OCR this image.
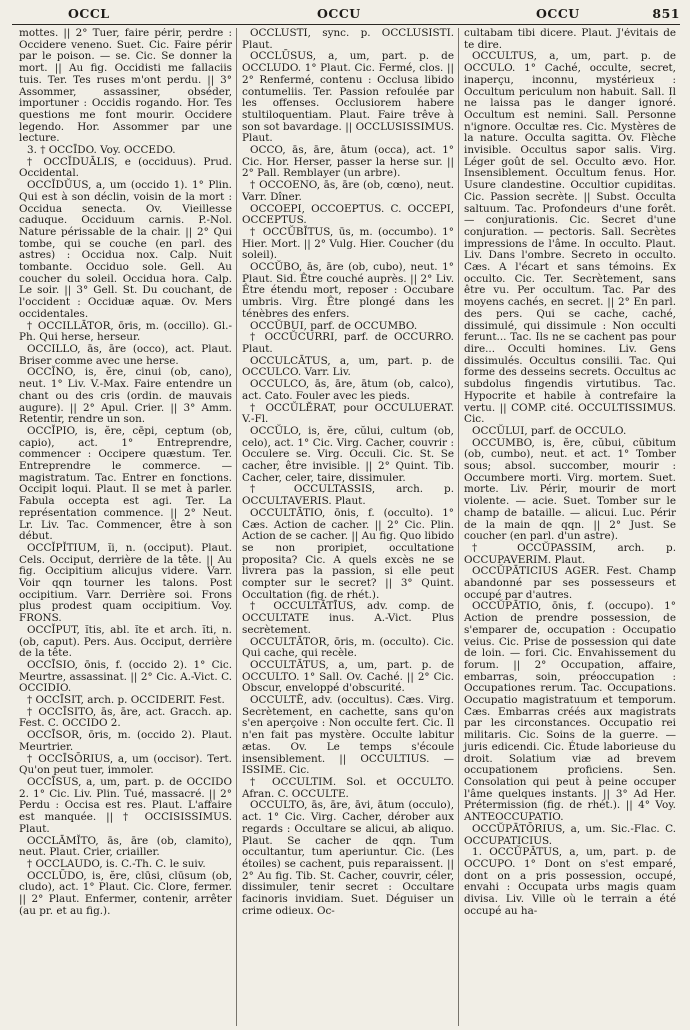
OCCL	OCCU	OCCU	851

mottes. || 2° Tuer, faire périr, perdre : Occidere veneno. Suet. Cic. Faire périr par le poison. — se. Cic. Se donner la mort. || Au fig. Occidisti me fallaciis tuis. Ter. Tes ruses m'ont perdu. || 3° Assommer, assassiner, obséder, importuner : Occidis rogando. Hor. Tes questions me font mourir. Occidere legendo. Hor. Assommer par une lecture.

3. † OCCĪDO. Voy. OCCEDO.

† OCCĬDUĀLIS, e (occiduus). Prud. Occidental.

OCCĬDŬUS, a, um (occido 1). 1° Plin. Qui est à son déclin, voisin de la mort : Occidua senecta. Ov. Vieillesse caduque. Occiduum carnis. P.-Nol. Nature périssable de la chair. || 2° Qui tombe, qui se couche (en parl. des astres) : Occidua nox. Calp. Nuit tombante. Occiduo sole. Gell. Au coucher du soleil. Occidua hora. Calp. Le soir. || 3° Gell. St. Du couchant, de l'occident : Occiduæ aquæ. Ov. Mers occidentales.

† OCCILLĀTOR, ōris, m. (occillo). Gl.-Ph. Qui herse, herseur.

OCCILLO, ās, āre (occo), act. Plaut. Briser comme avec une herse.

OCCĬNO, is, ĕre, cinui (ob, cano), neut. 1° Liv. V.-Max. Faire entendre un chant ou des cris (ordin. de mauvais augure). || 2° Apul. Crier. || 3° Amm. Retentir, rendre un son.

OCCĬPIO, is, ĕre, cēpi, ceptum (ob, capio), act. 1° Entreprendre, commencer : Occipere quæstum. Ter. Entreprendre le commerce. — magistratum. Tac. Entrer en fonctions. Occipit loqui. Plaut. Il se met à parler. Fabula occepta est agi. Ter. La représentation commence. || 2° Neut. Lr. Liv. Tac. Commencer, être à son début.

OCCĬPĬTIUM, ĭi, n. (occiput). Plaut. Cels. Occiput, derrière de la tête. || Au fig. Occipitium alicujus videre. Varr. Voir qqn tourner les talons. Post occipitium. Varr. Derrière soi. Frons plus prodest quam occipitium. Voy. FRONS.

OCCĬPUT, ĭtis, abl. ĭte et arch. ĭti, n. (ob, caput). Pers. Aus. Occiput, derrière de la tête.

OCCĪSIO, ōnis, f. (occido 2). 1° Cic. Meurtre, assassinat. || 2° Cic. A.-Vict. C. OCCIDIO.

† OCCĪSIT, arch. p. OCCIDERIT. Fest.

† OCCĪSITO, ās, āre, act. Gracch. ap. Fest. C. OCCIDO 2.

OCCĪSOR, ōris, m. (occido 2). Plaut. Meurtrier.

† OCCĪSŌRIUS, a, um (occisor). Tert. Qu'on peut tuer, immoler.

OCCĪSUS, a, um, part. p. de OCCIDO 2. 1° Cic. Liv. Plin. Tué, massacré. || 2° Perdu : Occisa est res. Plaut. L'affaire est manquée. || † OCCISISSIMUS. Plaut.

OCCLĀMĬTO, ās, āre (ob, clamito), neut. Plaut. Crier, criailler.

† OCCLAUDO, is. C.-Th. C. le suiv.

OCCLŪDO, is, ĕre, clūsi, clūsum (ob, cludo), act. 1° Plaut. Cic. Clore, fermer. || 2° Plaut. Enfermer, contenir, arrêter (au pr. et au fig.).

OCCLUSTI, sync. p. OCCLUSISTI. Plaut.

OCCLŪSUS, a, um, part. p. de OCCLUDO. 1° Plaut. Cic. Fermé, clos. || 2° Renfermé, contenu : Occlusa libido contumeliis. Ter. Passion refoulée par les offenses. Occlusiorem habere stultiloquentiam. Plaut. Faire trêve à son sot bavardage. || OCCLUSISSIMUS. Plaut.

OCCO, ās, āre, ātum (occa), act. 1° Cic. Hor. Herser, passer la herse sur. || 2° Pall. Remblayer (un arbre).

† OCCOENO, ās, āre (ob, cœno), neut. Varr. Dîner.

OCCOEPI, OCCOEPTUS. C. OCCEPI, OCCEPTUS.

† OCCŬBĬTUS, ūs, m. (occumbo). 1° Hier. Mort. || 2° Vulg. Hier. Coucher (du soleil).

OCCŬBO, ās, āre (ob, cubo), neut. 1° Plaut. Sid. Être couché auprès. || 2° Liv. Être étendu mort, reposer : Occubare umbris. Virg. Être plongé dans les ténèbres des enfers.

OCCŬBUI, parf. de OCCUMBO.

† OCCŬCURRI, parf. de OCCURRO. Plaut.

OCCULCĀTUS, a, um, part. p. de OCCULCO. Varr. Liv.

OCCULCO, ās, āre, ātum (ob, calco), act. Cato. Fouler avec les pieds.

† OCCŬLĔRAT, pour OCCULUERAT. V.-Fl.

OCCŬLO, is, ĕre, cŭlui, cultum (ob, celo), act. 1° Cic. Virg. Cacher, couvrir : Occulere se. Virg. Occuli. Cic. St. Se cacher, être invisible. || 2° Quint. Tib. Cacher, celer, taire, dissimuler.

† OCCULTASSIS, arch. p. OCCULTAVERIS. Plaut.

OCCULTĀTIO, ōnis, f. (occulto). 1° Cæs. Action de cacher. || 2° Cic. Plin. Action de se cacher. || Au fig. Quo libido se non proripiet, occultatione proposita? Cic. A quels excès ne se livrera pas la passion, si elle peut compter sur le secret? || 3° Quint. Occultation (fig. de rhét.).

† OCCULTĀTĪUS, adv. comp. de OCCULTATE inus. A.-Vict. Plus secrètement.

OCCULTĀTOR, ōris, m. (occulto). Cic. Qui cache, qui recèle.

OCCULTĀTUS, a, um, part. p. de OCCULTO. 1° Sall. Ov. Caché. || 2° Cic. Obscur, enveloppé d'obscurité.

OCCULTĒ, adv. (occultus). Cæs. Virg. Secrètement, en cachette, sans qu'on s'en aperçoive : Non occulte fert. Cic. Il n'en fait pas mystère. Occulte labitur ætas. Ov. Le temps s'écoule insensiblement. || OCCULTIUS. — ISSIME. Cic.

† OCCULTIM. Sol. et OCCULTO. Afran. C. OCCULTE.

OCCULTO, ās, āre, āvi, ātum (occulo), act. 1° Cic. Virg. Cacher, dérober aux regards : Occultare se alicui, ab aliquo. Plaut. Se cacher de qqn. Tum occultantur, tum aperiuntur. Cic. (Les étoiles) se cachent, puis reparaissent. || 2° Au fig. Tib. St. Cacher, couvrir, céler, dissimuler, tenir secret : Occultare facinoris invidiam. Suet. Déguiser un crime odieux. Oc-

cultabam tibi dicere. Plaut. J'évitais de te dire.

OCCULTUS, a, um, part. p. de OCCULO. 1° Caché, occulte, secret, inaperçu, inconnu, mystérieux : Occultum periculum non habuit. Sall. Il ne laissa pas le danger ignoré. Occultum est nemini. Sall. Personne n'ignore. Occultæ res. Cic. Mystères de la nature. Occulta sagitta. Ov. Flèche invisible. Occultus sapor salis. Virg. Léger goût de sel. Occulto ævo. Hor. Insensiblement. Occultum fenus. Hor. Usure clandestine. Occultior cupiditas. Cic. Passion secrète. || Subst. Occulta saltuum. Tac. Profondeurs d'une forêt. — conjurationis. Cic. Secret d'une conjuration. — pectoris. Sall. Secrètes impressions de l'âme. In occulto. Plaut. Liv. Dans l'ombre. Secreto in occulto. Cæs. A l'écart et sans témoins. Ex occulto. Cic. Ter. Secrètement, sans être vu. Per occultum. Tac. Par des moyens cachés, en secret. || 2° En parl. des pers. Qui se cache, caché, dissimulé, qui dissimule : Non occulti ferunt... Tac. Ils ne se cachent pas pour dire... Occulti homines. Liv. Gens dissimulés. Occultus consilii. Tac. Qui forme des desseins secrets. Occultus ac subdolus fingendis virtutibus. Tac. Hypocrite et habile à contrefaire la vertu. || COMP. cité. OCCULTISSIMUS. Cic.

OCCŬLUI, parf. de OCCULO.

OCCUMBO, is, ĕre, cŭbui, cŭbitum (ob, cumbo), neut. et act. 1° Tomber sous; absol. succomber, mourir : Occumbere morti. Virg. mortem. Suet. morte. Liv. Périr, mourir de mort violente. — acie. Suet. Tomber sur le champ de bataille. — alicui. Luc. Périr de la main de qqn. || 2° Just. Se coucher (en parl. d'un astre).

† OCCŬPASSIM, arch. p. OCCUPAVERIM. Plaut.

OCCŬPĀTICIUS AGER. Fest. Champ abandonné par ses possesseurs et occupé par d'autres.

OCCŬPĀTIO, ōnis, f. (occupo). 1° Action de prendre possession, de s'emparer de, occupation : Occupatio veius. Cic. Prise de possession qui date de loin. — fori. Cic. Envahissement du forum. || 2° Occupation, affaire, embarras, soin, préoccupation : Occupationes rerum. Tac. Occupations. Occupatio magistratuum et temporum. Cæs. Embarras créés aux magistrats par les circonstances. Occupatio rei militaris. Cic. Soins de la guerre. — juris edicendi. Cic. Étude laborieuse du droit. Solatium viæ ad brevem occupationem proficiens. Sen. Consolation qui peut à peine occuper l'âme quelques instants. || 3° Ad Her. Prétermission (fig. de rhét.). || 4° Voy. ANTEOCCUPATIO.

OCCŬPĀTŌRIUS, a, um. Sic.-Flac. C. OCCUPATICIUS.

1. OCCŬPĀTUS, a, um, part. p. de OCCUPO. 1° Dont on s'est emparé, dont on a pris possession, occupé, envahi : Occupata urbs magis quam divisa. Liv. Ville où le terrain a été occupé au ha-
